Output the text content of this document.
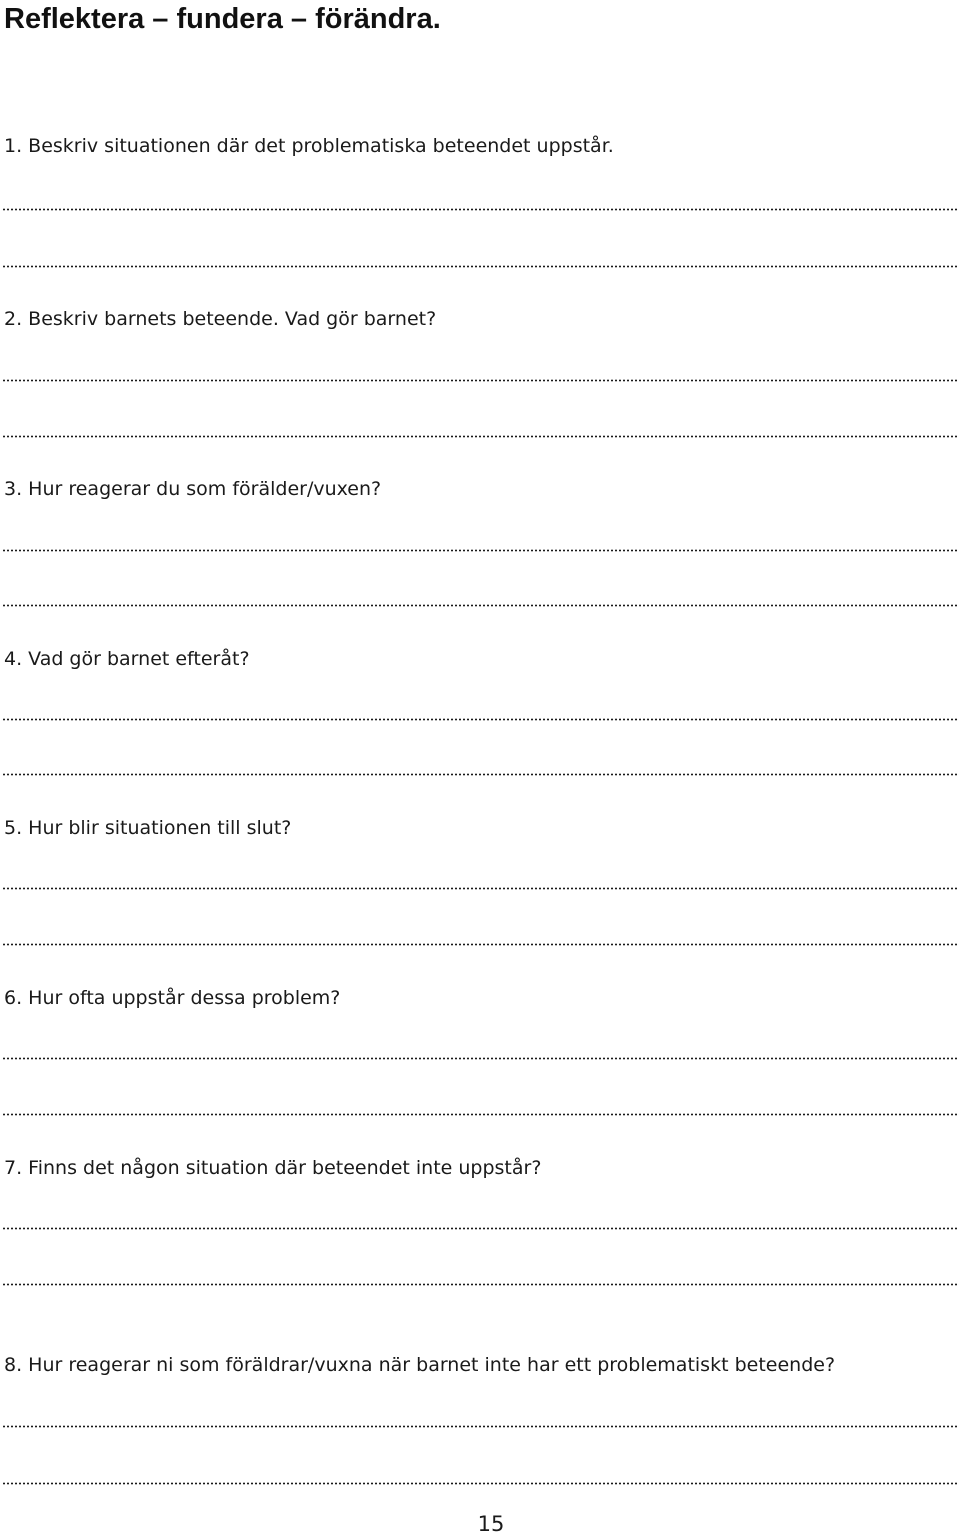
Reflektera – fundera – förändra.
1. Beskriv situationen där det problematiska beteendet uppstår.
2. Beskriv barnets beteende. Vad gör barnet?
3. Hur reagerar du som förälder/vuxen?
4. Vad gör barnet efteråt?
5. Hur blir situationen till slut?
6. Hur ofta uppstår dessa problem?
7. Finns det någon situation där beteendet inte uppstår?
8. Hur reagerar ni som föräldrar/vuxna när barnet inte har ett problematiskt beteende?
15
